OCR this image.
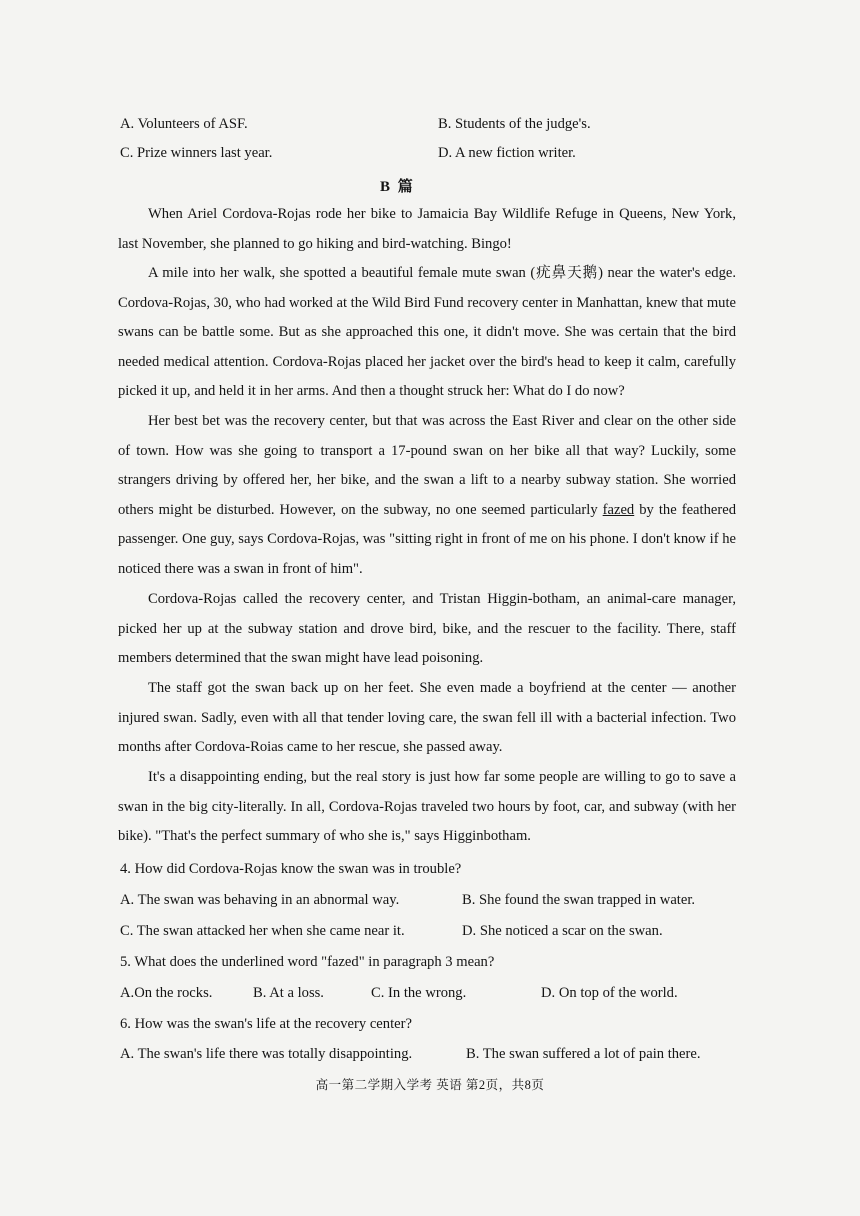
A. Volunteers of ASF.	B. Students of the judge's.
C. Prize winners last year.	D. A new fiction writer.
B 篇
When Ariel Cordova-Rojas rode her bike to Jamaicia Bay Wildlife Refuge in Queens, New York, last November, she planned to go hiking and bird-watching. Bingo!
A mile into her walk, she spotted a beautiful female mute swan (疣鼻天鹅) near the water's edge. Cordova-Rojas, 30, who had worked at the Wild Bird Fund recovery center in Manhattan, knew that mute swans can be battle some. But as she approached this one, it didn't move. She was certain that the bird needed medical attention. Cordova-Rojas placed her jacket over the bird's head to keep it calm, carefully picked it up, and held it in her arms. And then a thought struck her: What do I do now?
Her best bet was the recovery center, but that was across the East River and clear on the other side of town. How was she going to transport a 17-pound swan on her bike all that way? Luckily, some strangers driving by offered her, her bike, and the swan a lift to a nearby subway station. She worried others might be disturbed. However, on the subway, no one seemed particularly fazed by the feathered passenger. One guy, says Cordova-Rojas, was "sitting right in front of me on his phone. I don't know if he noticed there was a swan in front of him".
Cordova-Rojas called the recovery center, and Tristan Higgin-botham, an animal-care manager, picked her up at the subway station and drove bird, bike, and the rescuer to the facility. There, staff members determined that the swan might have lead poisoning.
The staff got the swan back up on her feet. She even made a boyfriend at the center — another injured swan. Sadly, even with all that tender loving care, the swan fell ill with a bacterial infection. Two months after Cordova-Roias came to her rescue, she passed away.
It's a disappointing ending, but the real story is just how far some people are willing to go to save a swan in the big city-literally. In all, Cordova-Rojas traveled two hours by foot, car, and subway (with her bike). "That's the perfect summary of who she is," says Higginbotham.
4. How did Cordova-Rojas know the swan was in trouble?
A. The swan was behaving in an abnormal way.	B. She found the swan trapped in water.
C. The swan attacked her when she came near it.	D. She noticed a scar on the swan.
5. What does the underlined word "fazed" in paragraph 3 mean?
A.On the rocks.	B. At a loss.	C. In the wrong.	D. On top of the world.
6. How was the swan's life at the recovery center?
A. The swan's life there was totally disappointing.	B. The swan suffered a lot of pain there.
高一第二学期入学考 英语 第2页，共8页
